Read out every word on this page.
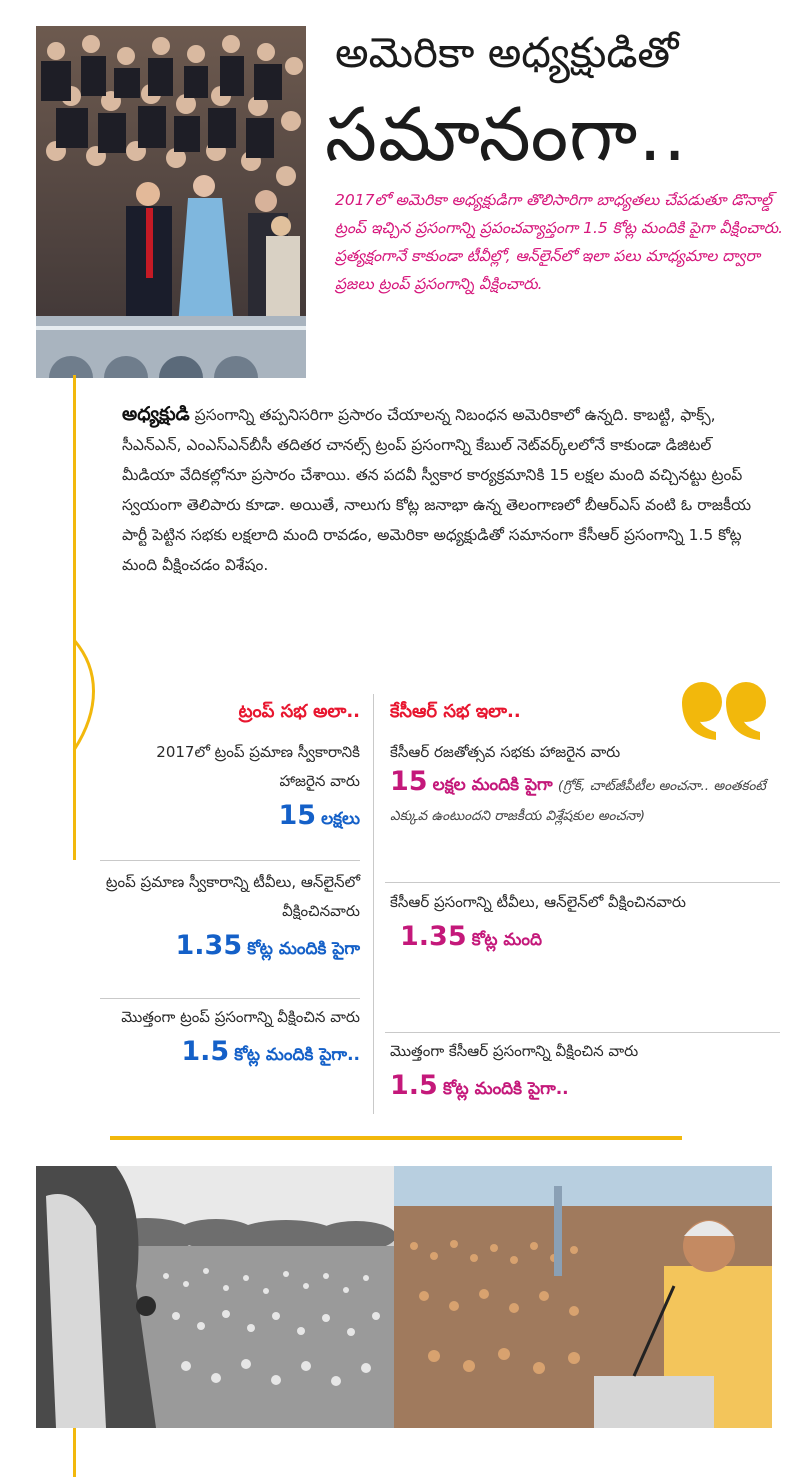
అమెరికా అధ్యక్షుడితో
సమానంగా..
2017లో అమెరికా అధ్యక్షుడిగా తొలిసారిగా బాధ్యతలు చేపడుతూ డొనాల్డ్ ట్రంప్ ఇచ్చిన ప్రసంగాన్ని ప్రపంచవ్యాప్తంగా 1.5 కోట్ల మందికి పైగా వీక్షించారు. ప్రత్యక్షంగానే కాకుండా టీవీల్లో, ఆన్‌లైన్‌లో ఇలా పలు మాధ్యమాల ద్వారా ప్రజలు ట్రంప్ ప్రసంగాన్ని వీక్షించారు.
అధ్యక్షుడి ప్రసంగాన్ని తప్పనిసరిగా ప్రసారం చేయాలన్న నిబంధన అమెరికాలో ఉన్నది. కాబట్టి, ఫాక్స్, సీఎన్ఎన్, ఎంఎస్ఎన్‌బీసీ తదితర చానల్స్ ట్రంప్ ప్రసంగాన్ని కేబుల్ నెట్‌వర్క్‌లలోనే కాకుండా డిజిటల్ మీడియా వేదికల్లోనూ ప్రసారం చేశాయి. తన పదవీ స్వీకార కార్యక్రమానికి 15 లక్షల మంది వచ్చినట్టు ట్రంప్ స్వయంగా తెలిపారు కూడా. అయితే, నాలుగు కోట్ల జనాభా ఉన్న తెలంగాణలో బీఆర్ఎస్ వంటి ఓ రాజకీయ పార్టీ పెట్టిన సభకు లక్షలాది మంది రావడం, అమెరికా అధ్యక్షుడితో సమానంగా కేసీఆర్ ప్రసంగాన్ని 1.5 కోట్ల మంది వీక్షించడం విశేషం.
ట్రంప్ సభ అలా..
2017లో ట్రంప్ ప్రమాణ స్వీకారానికి హాజరైన వారు
15 లక్షలు
ట్రంప్ ప్రమాణ స్వీకారాన్ని టీవీలు, ఆన్‌లైన్‌లో వీక్షించినవారు
1.35 కోట్ల మందికి పైగా
మొత్తంగా ట్రంప్ ప్రసంగాన్ని వీక్షించిన వారు
1.5 కోట్ల మందికి పైగా..
కేసీఆర్ సభ ఇలా..
కేసీఆర్ రజతోత్సవ సభకు హాజరైన వారు
15 లక్షల మందికి పైగా (గ్రోక్, చాట్‌జీపీటీల అంచనా.. అంతకంటే ఎక్కువ ఉంటుందని రాజకీయ విశ్లేషకుల అంచనా)
కేసీఆర్ ప్రసంగాన్ని టీవీలు, ఆన్‌లైన్‌లో వీక్షించినవారు
1.35 కోట్ల మంది
మొత్తంగా కేసీఆర్ ప్రసంగాన్ని వీక్షించిన వారు
1.5 కోట్ల మందికి పైగా..
